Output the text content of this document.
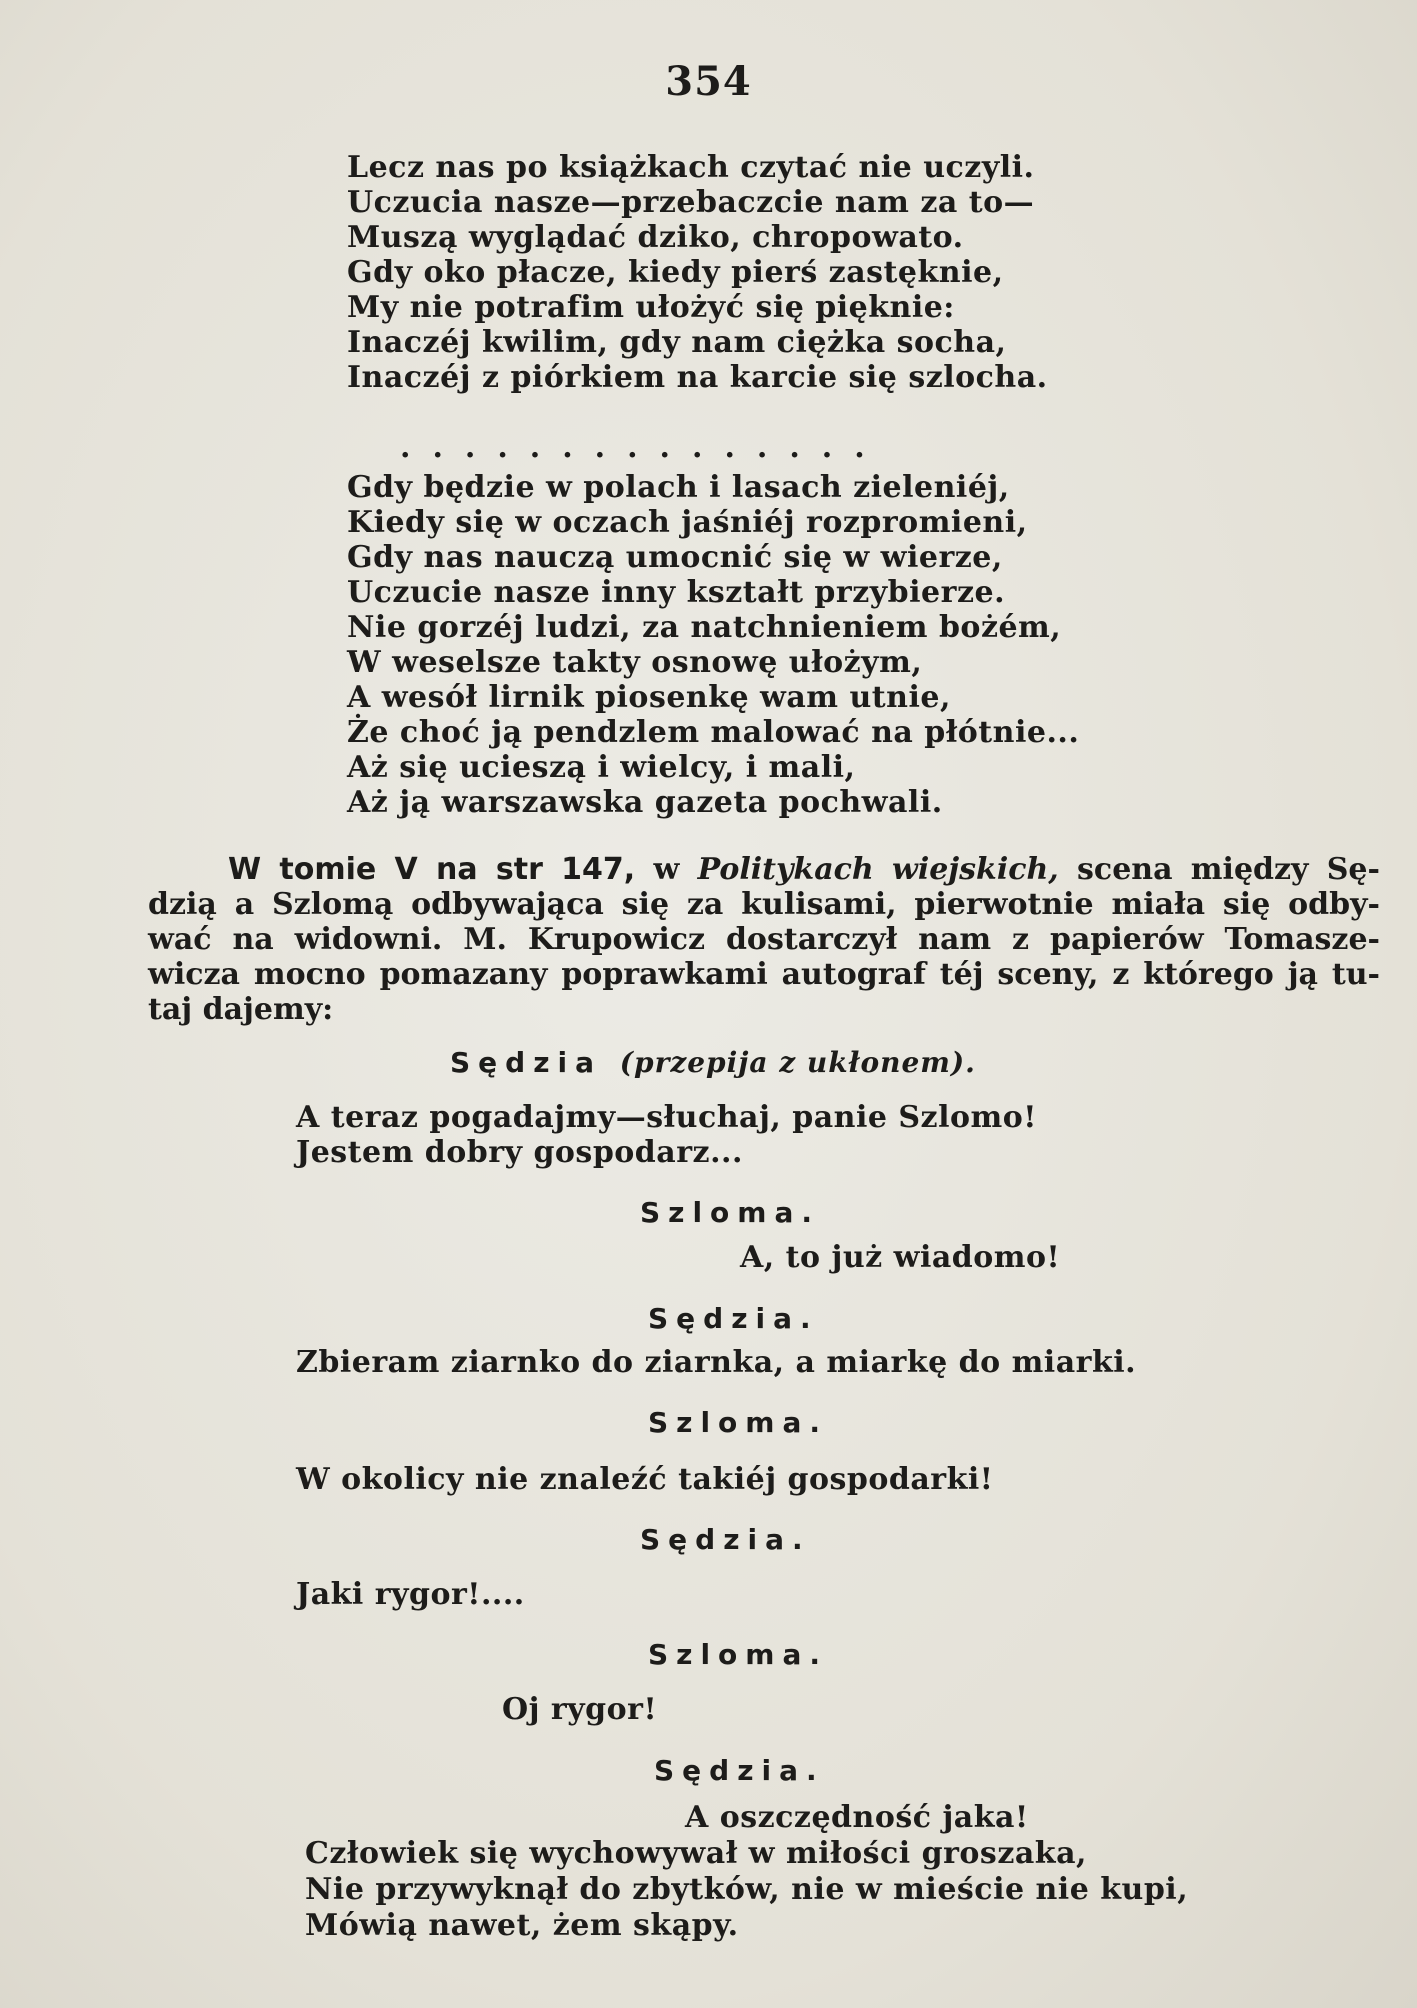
354
Lecz nas po książkach czytać nie uczyli.
Uczucia nasze—przebaczcie nam za to—
Muszą wyglądać dziko, chropowato.
Gdy oko płacze, kiedy pierś zastęknie,
My nie potrafim ułożyć się pięknie:
Inaczéj kwilim, gdy nam ciężka socha,
Inaczéj z piórkiem na karcie się szlocha.
...............
Gdy będzie w polach i lasach zieleniéj,
Kiedy się w oczach jaśniéj rozpromieni,
Gdy nas nauczą umocnić się w wierze,
Uczucie nasze inny kształt przybierze.
Nie gorzéj ludzi, za natchnieniem bożém,
W weselsze takty osnowę ułożym,
A wesół lirnik piosenkę wam utnie,
Że choć ją pendzlem malować na płótnie...
Aż się ucieszą i wielcy, i mali,
Aż ją warszawska gazeta pochwali.
W tomie V na str 147, w Politykach wiejskich, scena między Sę-
dzią a Szlomą odbywająca się za kulisami, pierwotnie miała się odby-
wać na widowni. M. Krupowicz dostarczył nam z papierów Tomasze-
wicza mocno pomazany poprawkami autograf téj sceny, z którego ją tu-
taj dajemy:
Sędzia (przepija z ukłonem).
A teraz pogadajmy—słuchaj, panie Szlomo!
Jestem dobry gospodarz...
Szloma.
A, to już wiadomo!
Sędzia.
Zbieram ziarnko do ziarnka, a miarkę do miarki.
Szloma.
W okolicy nie znaleźć takiéj gospodarki!
Sędzia.
Jaki rygor!....
Szloma.
Oj rygor!
Sędzia.
A oszczędność jaka!
Człowiek się wychowywał w miłości groszaka,
Nie przywyknął do zbytków, nie w mieście nie kupi,
Mówią nawet, żem skąpy.
